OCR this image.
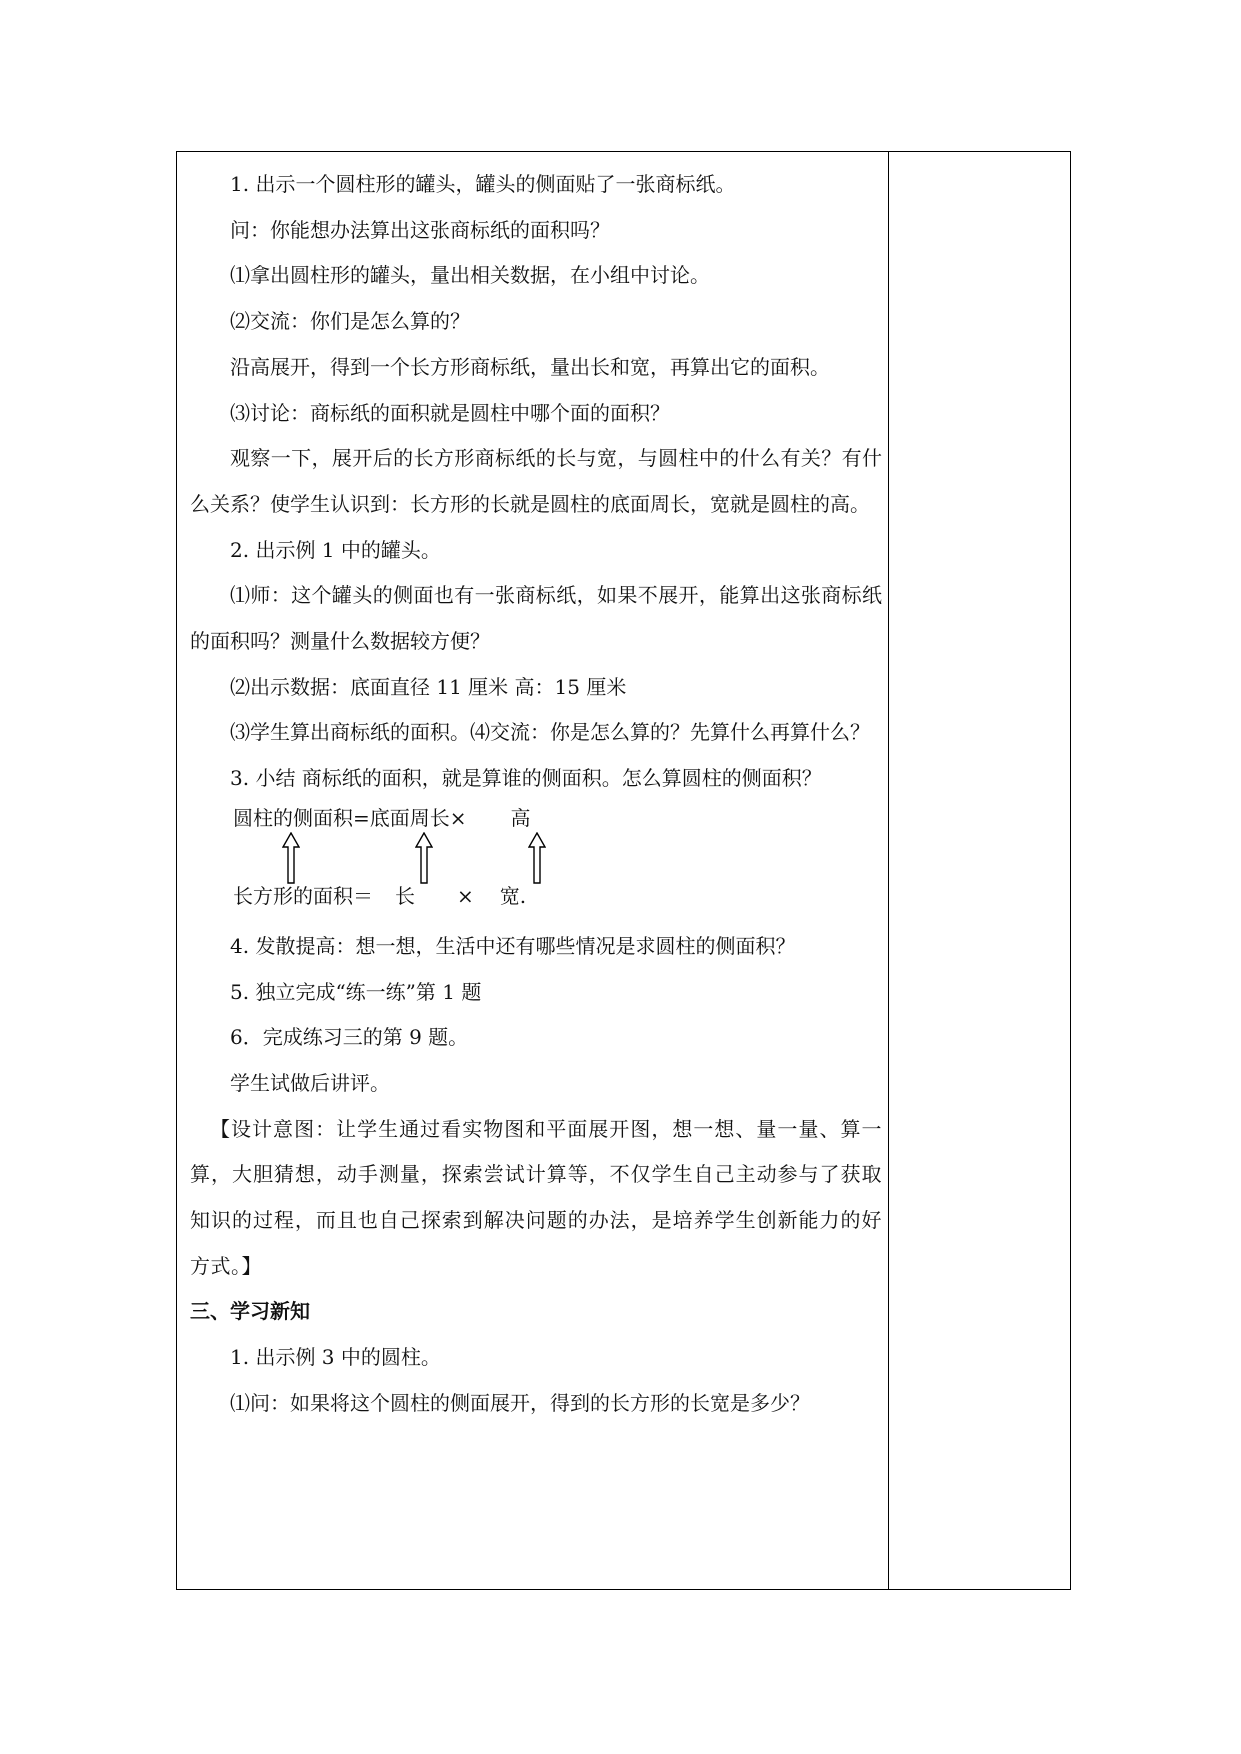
1. 出示一个圆柱形的罐头，罐头的侧面贴了一张商标纸。

问：你能想办法算出这张商标纸的面积吗？

⑴拿出圆柱形的罐头，量出相关数据，在小组中讨论。

⑵交流：你们是怎么算的？

沿高展开，得到一个长方形商标纸，量出长和宽，再算出它的面积。

⑶讨论：商标纸的面积就是圆柱中哪个面的面积？

观察一下，展开后的长方形商标纸的长与宽，与圆柱中的什么有关？有什么关系？使学生认识到：长方形的长就是圆柱的底面周长，宽就是圆柱的高。

2. 出示例 1 中的罐头。

⑴师：这个罐头的侧面也有一张商标纸，如果不展开，能算出这张商标纸的面积吗？测量什么数据较方便？

⑵出示数据：底面直径 11 厘米 高：15 厘米

⑶学生算出商标纸的面积。⑷交流：你是怎么算的？先算什么再算什么？

3. 小结 商标纸的面积，就是算谁的侧面积。怎么算圆柱的侧面积？

圆柱的侧面积=底面周长× 高
长方形的面积＝ 长 × 宽.

4. 发散提高：想一想，生活中还有哪些情况是求圆柱的侧面积？

5. 独立完成“练一练”第 1 题

6．完成练习三的第 9 题。

学生试做后讲评。

【设计意图：让学生通过看实物图和平面展开图，想一想、量一量、算一算，大胆猜想，动手测量，探索尝试计算等，不仅学生自己主动参与了获取知识的过程，而且也自己探索到解决问题的办法，是培养学生创新能力的好方式。】

三、学习新知

1. 出示例 3 中的圆柱。

⑴问：如果将这个圆柱的侧面展开，得到的长方形的长宽是多少？
